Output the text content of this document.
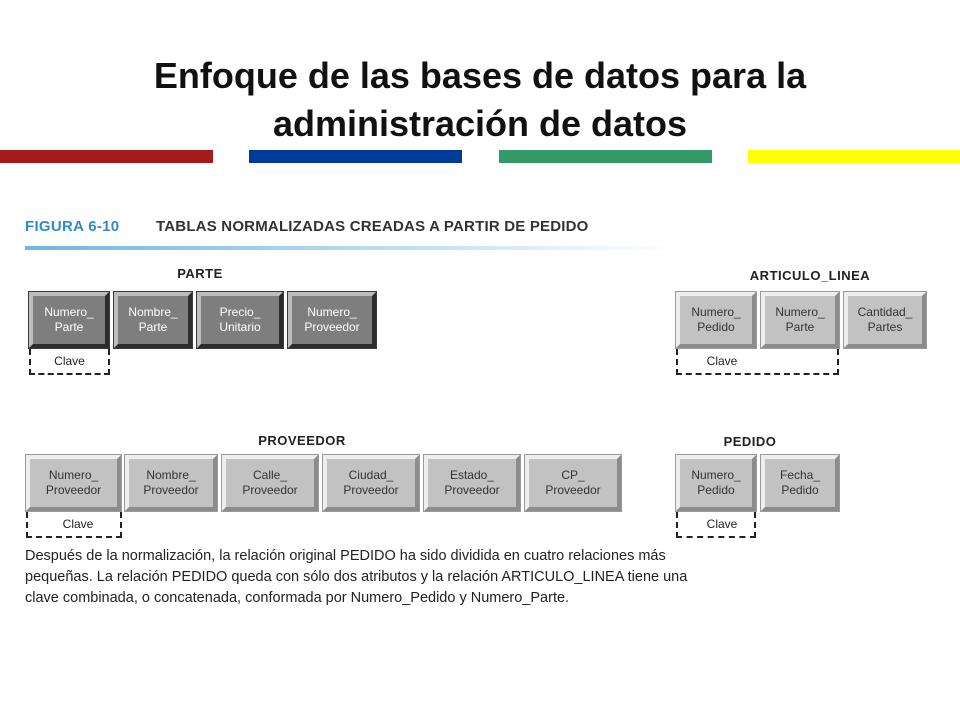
Enfoque de las bases de datos para la
administración de datos
FIGURA 6-10 TABLAS NORMALIZADAS CREADAS A PARTIR DE PEDIDO
PARTE
Numero_
Parte
Nombre_
Parte
Precio_
Unitario
Numero_
Proveedor
Clave
ARTICULO_LINEA
Numero_
Pedido
Numero_
Parte
Cantidad_
Partes
Clave
PROVEEDOR
Numero_
Proveedor
Nombre_
Proveedor
Calle_
Proveedor
Ciudad_
Proveedor
Estado_
Proveedor
CP_
Proveedor
Clave
PEDIDO
Numero_
Pedido
Fecha_
Pedido
Clave
Después de la normalización, la relación original PEDIDO ha sido dividida en cuatro relaciones más
pequeñas. La relación PEDIDO queda con sólo dos atributos y la relación ARTICULO_LINEA tiene una
clave combinada, o concatenada, conformada por Numero_Pedido y Numero_Parte.
